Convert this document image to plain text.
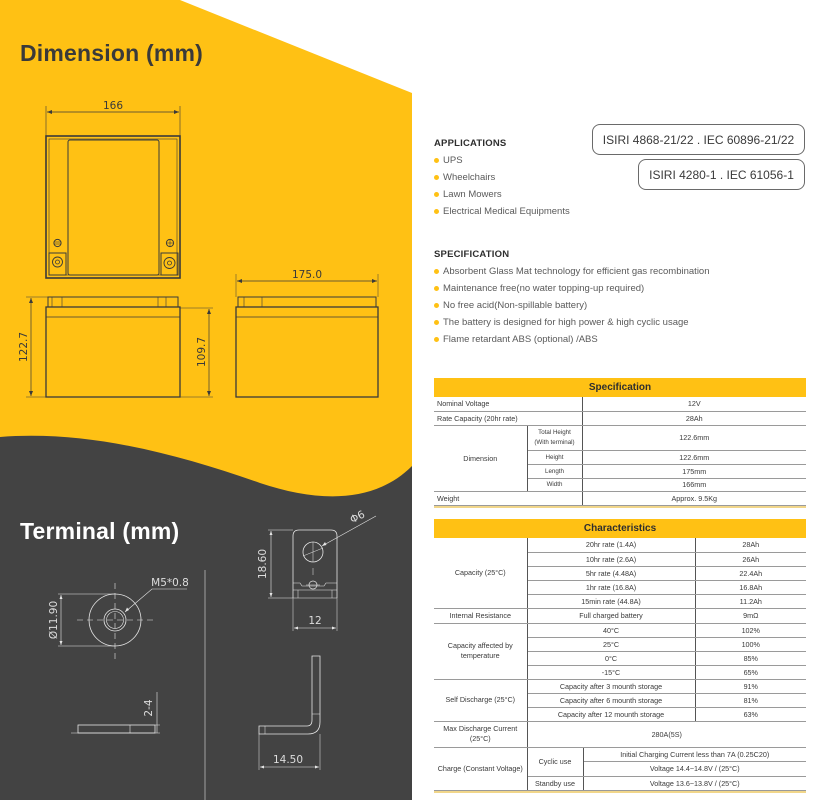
166
122.7	109.7
175.0
Ø11.90
M5*0.8
2-4
18.60
12
Φ6
14.50
Dimension (mm)
Terminal (mm)
APPLICATIONS
UPS
Wheelchairs
Lawn Mowers
Electrical Medical Equipments
ISIRI 4868-21/22 . IEC 60896-21/22
ISIRI 4280-1 . IEC 61056-1
SPECIFICATION
Absorbent Glass Mat technology for efficient gas recombination
Maintenance free(no water topping-up required)
No free acid(Non-spillable battery)
The battery is designed for high power & high cyclic usage
Flame retardant ABS (optional) /ABS
Specification		
Nominal Voltage		12V
Rate Capacity (20hr rate)		28Ah
Dimension	Total Height (With terminal)	122.6mm
	Height	122.6mm
	Length	175mm
	Width	166mm
Weight		Approx. 9.5Kg
Characteristics			
Capacity (25°C)	20hr rate (1.4A)		28Ah
	10hr rate (2.6A)		26Ah
	5hr rate (4.48A)		22.4Ah
	1hr rate (16.8A)		16.8Ah
	15min rate (44.8A)		11.2Ah
Internal Resistance	Full charged battery		9mΩ
Capacity affected by temperature	40°C		102%
	25°C		100%
	0°C		85%
	-15°C		65%
Self Discharge (25°C)	Capacity after 3 mounth storage		91%
	Capacity after 6 mounth storage		81%
	Capacity after 12 mounth storage		63%
Max Discharge Current (25°C)	280A(5S)		
Charge (Constant Voltage)	Cyclic use	Initial Charging Current less than 7A (0.25C20)	
		Voltage 14.4~14.8V / (25°C)	
	Standby use	Voltage 13.6~13.8V / (25°C)	
